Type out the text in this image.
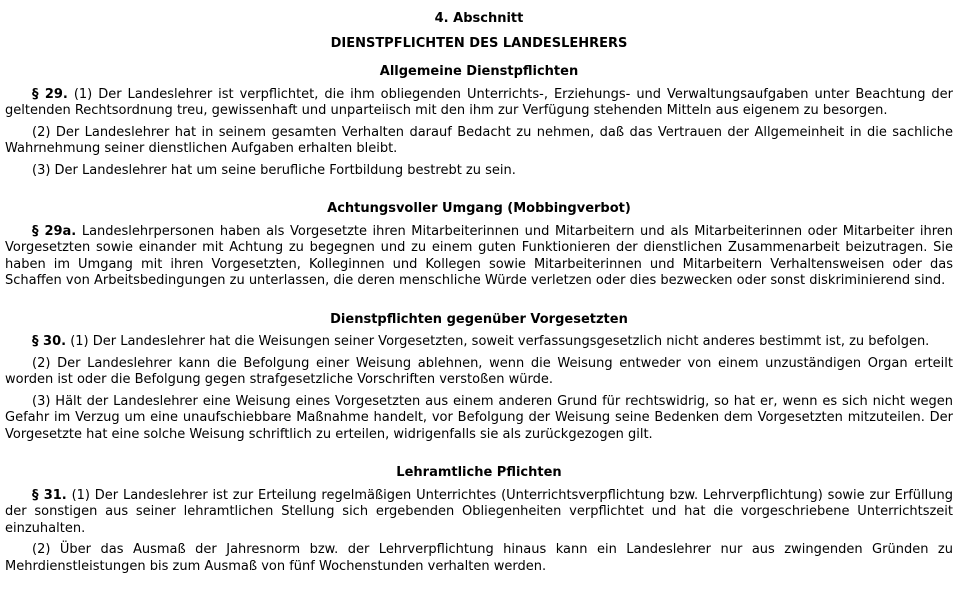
4. Abschnitt
DIENSTPFLICHTEN DES LANDESLEHRERS
Allgemeine Dienstpflichten

§ 29. (1) Der Landeslehrer ist verpflichtet, die ihm obliegenden Unterrichts-, Erziehungs- und Verwaltungsaufgaben unter Beachtung der geltenden Rechtsordnung treu, gewissenhaft und unparteiisch mit den ihm zur Verfügung stehenden Mitteln aus eigenem zu besorgen.

(2) Der Landeslehrer hat in seinem gesamten Verhalten darauf Bedacht zu nehmen, daß das Vertrauen der Allgemeinheit in die sachliche Wahrnehmung seiner dienstlichen Aufgaben erhalten bleibt.

(3) Der Landeslehrer hat um seine berufliche Fortbildung bestrebt zu sein.

Achtungsvoller Umgang (Mobbingverbot)

§ 29a. Landeslehrpersonen haben als Vorgesetzte ihren Mitarbeiterinnen und Mitarbeitern und als Mitarbeiterinnen oder Mitarbeiter ihren Vorgesetzten sowie einander mit Achtung zu begegnen und zu einem guten Funktionieren der dienstlichen Zusammenarbeit beizutragen. Sie haben im Umgang mit ihren Vorgesetzten, Kolleginnen und Kollegen sowie Mitarbeiterinnen und Mitarbeitern Verhaltensweisen oder das Schaffen von Arbeitsbedingungen zu unterlassen, die deren menschliche Würde verletzen oder dies bezwecken oder sonst diskriminierend sind.

Dienstpflichten gegenüber Vorgesetzten

§ 30. (1) Der Landeslehrer hat die Weisungen seiner Vorgesetzten, soweit verfassungsgesetzlich nicht anderes bestimmt ist, zu befolgen.

(2) Der Landeslehrer kann die Befolgung einer Weisung ablehnen, wenn die Weisung entweder von einem unzuständigen Organ erteilt worden ist oder die Befolgung gegen strafgesetzliche Vorschriften verstoßen würde.

(3) Hält der Landeslehrer eine Weisung eines Vorgesetzten aus einem anderen Grund für rechtswidrig, so hat er, wenn es sich nicht wegen Gefahr im Verzug um eine unaufschiebbare Maßnahme handelt, vor Befolgung der Weisung seine Bedenken dem Vorgesetzten mitzuteilen. Der Vorgesetzte hat eine solche Weisung schriftlich zu erteilen, widrigenfalls sie als zurückgezogen gilt.

Lehramtliche Pflichten

§ 31. (1) Der Landeslehrer ist zur Erteilung regelmäßigen Unterrichtes (Unterrichtsverpflichtung bzw. Lehrverpflichtung) sowie zur Erfüllung der sonstigen aus seiner lehramtlichen Stellung sich ergebenden Obliegenheiten verpflichtet und hat die vorgeschriebene Unterrichtszeit einzuhalten.

(2) Über das Ausmaß der Jahresnorm bzw. der Lehrverpflichtung hinaus kann ein Landeslehrer nur aus zwingenden Gründen zu Mehrdienstleistungen bis zum Ausmaß von fünf Wochenstunden verhalten werden.
